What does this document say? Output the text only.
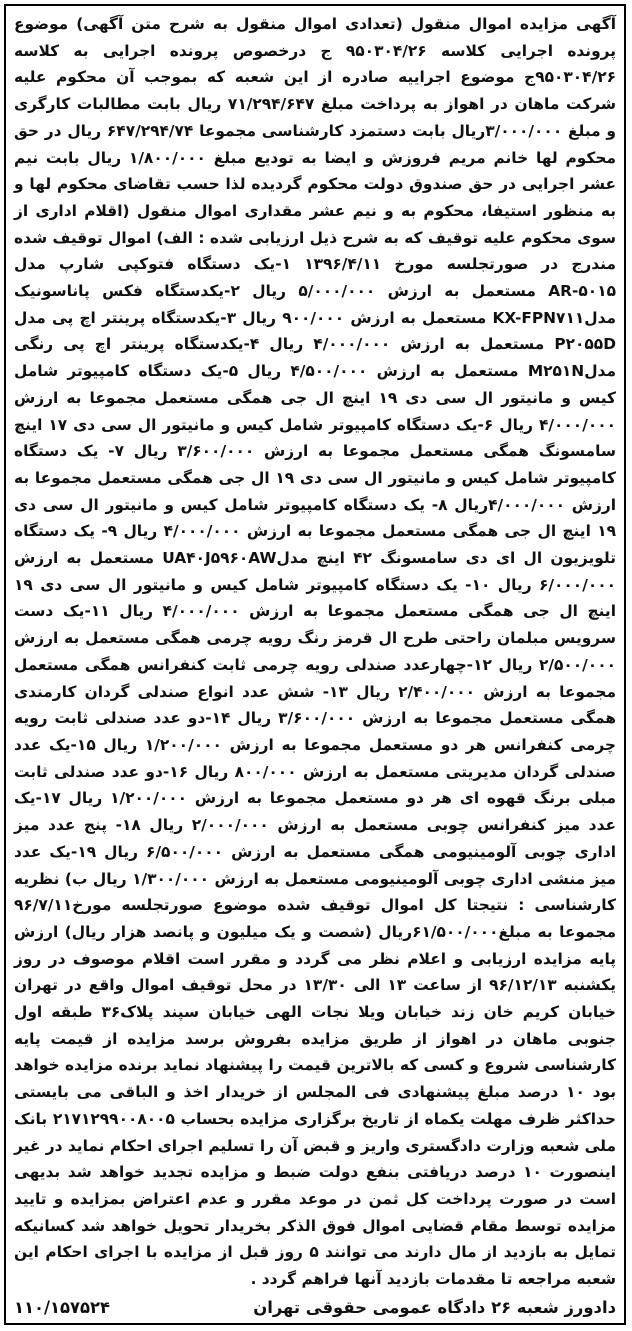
آگهی مزایده اموال منقول (تعدادی اموال منقول به شرح متن آگهی) موضوع پرونده اجرایی کلاسه ۹۵۰۳۰۴/۲۶ ج درخصوص پرونده اجرایی به کلاسه ۹۵۰۳۰۴/۲۶ج موضوع اجراییه صادره از این شعبه که بموجب آن محکوم علیه شرکت ماهان در اهواز به پرداخت مبلغ ۷۱/۲۹۴/۶۴۷ ریال بابت مطالبات کارگری و مبلغ ۳/۰۰۰/۰۰۰ریال بابت دستمزد کارشناسی مجموعا ۶۴۷/۲۹۴/۷۴ ریال در حق محکوم لها خانم مریم فروزش و ایضا به تودیع مبلغ ۱/۸۰۰/۰۰۰ ریال بابت نیم عشر اجرایی در حق صندوق دولت محکوم گردیده لذا حسب تقاضای محکوم لها و به منظور استیفا، محکوم به و نیم عشر مقداری اموال منقول (اقلام اداری از سوی محکوم علیه توقیف که به شرح ذیل ارزیابی شده : الف) اموال توقیف شده مندرج در صورتجلسه مورخ ۱۳۹۶/۴/۱۱ ۱-یک دستگاه فتوکپی شارپ مدل AR-۵۰۱۵ مستعمل به ارزش ۵/۰۰۰/۰۰۰ ریال ۲-یکدستگاه فکس پاناسونیک مدلKX-FPN۷۱۱ مستعمل به ارزش ۹۰۰/۰۰۰ ریال ۳-یکدستگاه پرینتر اچ پی مدل P۲۰۵۵D مستعمل به ارزش ۴/۰۰۰/۰۰۰ ریال ۴-یکدستگاه پرینتر اچ پی رنگی مدلM۲۵۱N مستعمل به ارزش ۴/۵۰۰/۰۰۰ ریال ۵-یک دستگاه کامپیوتر شامل کیس و مانیتور ال سی دی ۱۹ اینچ ال جی همگی مستعمل مجموعا به ارزش ۴/۰۰۰/۰۰۰ ریال ۶-یک دستگاه کامپیوتر شامل کیس و مانیتور ال سی دی ۱۷ اینچ سامسونگ همگی مستعمل مجموعا به ارزش ۳/۶۰۰/۰۰۰ ریال ۷- یک دستگاه کامپیوتر شامل کیس و مانیتور ال سی دی ۱۹ ال جی همگی مستعمل مجموعا به ارزش ۴/۰۰۰/۰۰۰ریال ۸- یک دستگاه کامپیوتر شامل کیس و مانیتور ال سی دی ۱۹ اینچ ال جی همگی مستعمل مجموعا به ارزش ۴/۰۰۰/۰۰۰ ریال ۹- یک دستگاه تلویزیون ال ای دی سامسونگ ۴۲ اینچ مدلUA۴۰J۵۹۶۰AW مستعمل به ارزش ۶/۰۰۰/۰۰۰ ریال ۱۰- یک دستگاه کامپیوتر شامل کیس و مانیتور ال سی دی ۱۹ اینچ ال جی همگی مستعمل مجموعا به ارزش ۴/۰۰۰/۰۰۰ ریال ۱۱-یک دست سرویس مبلمان راحتی طرح ال قرمز رنگ رویه چرمی همگی مستعمل به ارزش ۲/۵۰۰/۰۰۰ ریال ۱۲-چهارعدد صندلی رویه چرمی ثابت کنفرانس همگی مستعمل مجموعا به ارزش ۲/۴۰۰/۰۰۰ ریال ۱۳- شش عدد انواع صندلی گردان کارمندی همگی مستعمل مجموعا به ارزش ۳/۶۰۰/۰۰۰ ریال ۱۴-دو عدد صندلی ثابت رویه چرمی کنفرانس هر دو مستعمل مجموعا به ارزش ۱/۲۰۰/۰۰۰ ریال ۱۵-یک عدد صندلی گردان مدیریتی مستعمل به ارزش ۸۰۰/۰۰۰ ریال ۱۶-دو عدد صندلی ثابت مبلی برنگ قهوه ای هر دو مستعمل مجموعا به ارزش ۱/۲۰۰/۰۰۰ ریال ۱۷-یک عدد میز کنفرانس چوبی مستعمل به ارزش ۲/۰۰۰/۰۰۰ ریال ۱۸- پنج عدد میز اداری چوبی آلومینیومی همگی مستعمل به ارزش ۶/۵۰۰/۰۰۰ ریال ۱۹-یک عدد میز منشی اداری چوبی آلومینیومی مستعمل به ارزش ۱/۳۰۰/۰۰۰ ریال ب) نظریه کارشناسی : نتیجتا کل اموال توقیف شده موضوع صورتجلسه مورخ۹۶/۷/۱۱ مجموعا به مبلغ۶۱/۵۰۰/۰۰۰ریال (شصت و یک میلیون و پانصد هزار ریال) ارزش پایه مزایده ارزیابی و اعلام نظر می گردد و مقرر است اقلام موصوف در روز یکشنبه ۹۶/۱۲/۱۳ از ساعت ۱۳ الی ۱۳/۳۰ در محل توقیف اموال واقع در تهران خیابان کریم خان زند خیابان ویلا نجات الهی خیابان سپند پلاک۳۶ طبقه اول جنوبی ماهان در اهواز از طریق مزایده بفروش برسد مزایده از قیمت پایه کارشناسی شروع و کسی که بالاترین قیمت را پیشنهاد نماید برنده مزایده خواهد بود ۱۰ درصد مبلغ پیشنهادی فی المجلس از خریدار اخذ و الباقی می بایستی حداکثر ظرف مهلت یکماه از تاریخ برگزاری مزایده بحساب ۲۱۷۱۲۹۹۰۰۸۰۰۵ بانک ملی شعبه وزارت دادگستری واریز و قبض آن را تسلیم اجرای احکام نماید در غیر اینصورت ۱۰ درصد دریافتی بنفع دولت ضبط و مزایده تجدید خواهد شد بدیهی است در صورت پرداخت کل ثمن در موعد مقرر و عدم اعتراض بمزایده و تایید مزایده توسط مقام قضایی اموال فوق الذکر بخریدار تحویل خواهد شد کسانیکه تمایل به بازدید از مال دارند می توانند ۵ روز قبل از مزایده با اجرای احکام این شعبه مراجعه تا مقدمات بازدید آنها فراهم گردد .

دادورز شعبه ۲۶ دادگاه عمومی حقوقی تهران
۱۱۰/۱۵۷۵۲۴
